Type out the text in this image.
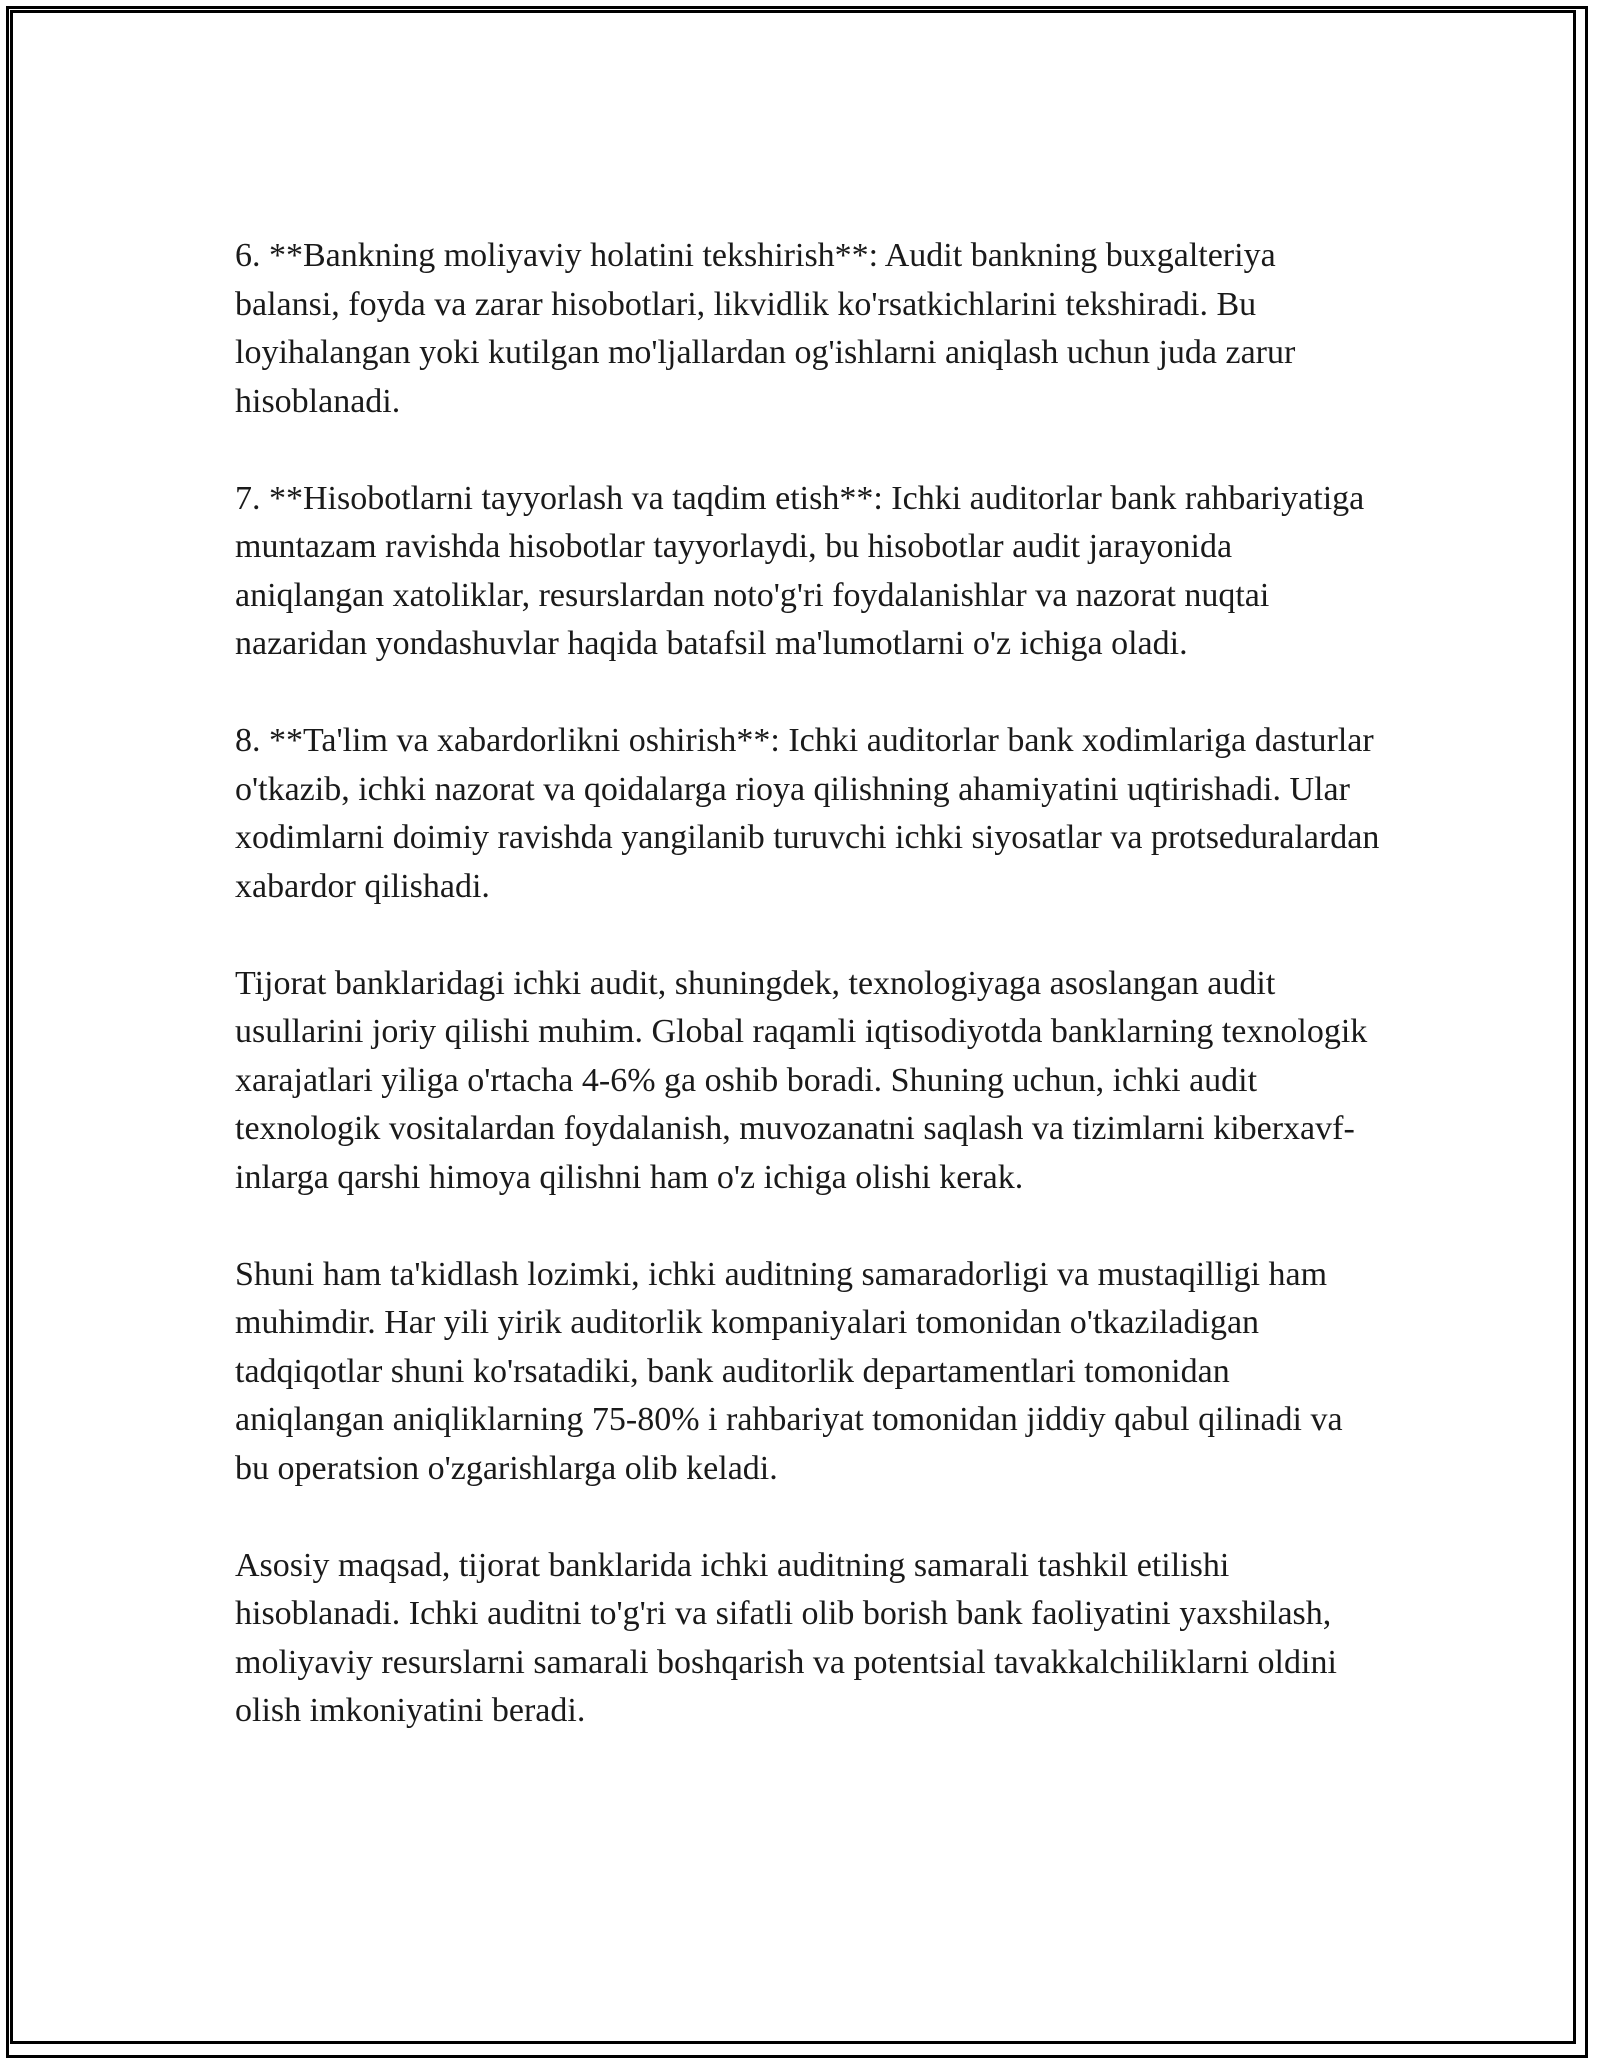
6. **Bankning moliyaviy holatini tekshirish**: Audit bankning buxgalteriya balansi, foyda va zarar hisobotlari, likvidlik ko'rsatkichlarini tekshiradi. Bu loyihalangan yoki kutilgan mo'ljallardan og'ishlarni aniqlash uchun juda zarur hisoblanadi.

7. **Hisobotlarni tayyorlash va taqdim etish**: Ichki auditorlar bank rahbariyatiga muntazam ravishda hisobotlar tayyorlaydi, bu hisobotlar audit jarayonida aniqlangan xatoliklar, resurslardan noto'g'ri foydalanishlar va nazorat nuqtai nazaridan yondashuvlar haqida batafsil ma'lumotlarni o'z ichiga oladi.

8. **Ta'lim va xabardorlikni oshirish**: Ichki auditorlar bank xodimlariga dasturlar o'tkazib, ichki nazorat va qoidalarga rioya qilishning ahamiyatini uqtirishadi. Ular xodimlarni doimiy ravishda yangilanib turuvchi ichki siyosatlar va protseduralardan xabardor qilishadi.

Tijorat banklaridagi ichki audit, shuningdek, texnologiyaga asoslangan audit usullarini joriy qilishi muhim. Global raqamli iqtisodiyotda banklarning texnologik xarajatlari yiliga o'rtacha 4-6% ga oshib boradi. Shuning uchun, ichki audit texnologik vositalardan foydalanish, muvozanatni saqlash va tizimlarni kiberxavf-inlarga qarshi himoya qilishni ham o'z ichiga olishi kerak.

Shuni ham ta'kidlash lozimki, ichki auditning samaradorligi va mustaqilligi ham muhimdir. Har yili yirik auditorlik kompaniyalari tomonidan o'tkaziladigan tadqiqotlar shuni ko'rsatadiki, bank auditorlik departamentlari tomonidan aniqlangan aniqliklarning 75-80% i rahbariyat tomonidan jiddiy qabul qilinadi va bu operatsion o'zgarishlarga olib keladi.

Asosiy maqsad, tijorat banklarida ichki auditning samarali tashkil etilishi hisoblanadi. Ichki auditni to'g'ri va sifatli olib borish bank faoliyatini yaxshilash, moliyaviy resurslarni samarali boshqarish va potentsial tavakkalchiliklarni oldini olish imkoniyatini beradi.
